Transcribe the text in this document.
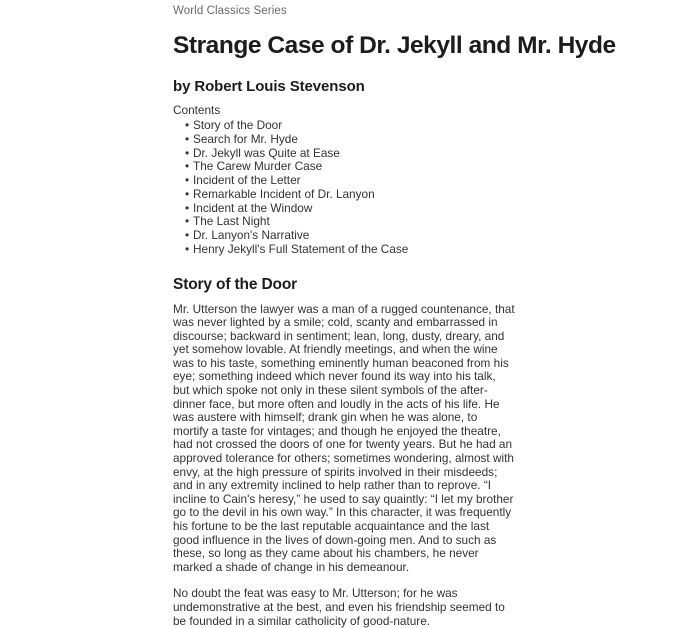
World Classics Series
Strange Case of Dr. Jekyll and Mr. Hyde
by Robert Louis Stevenson
Contents
• Story of the Door
• Search for Mr. Hyde
• Dr. Jekyll was Quite at Ease
• The Carew Murder Case
• Incident of the Letter
• Remarkable Incident of Dr. Lanyon
• Incident at the Window
• The Last Night
• Dr. Lanyon's Narrative
• Henry Jekyll's Full Statement of the Case
Story of the Door

Mr. Utterson the lawyer was a man of a rugged countenance, that was never lighted by a smile; cold, scanty and embarrassed in discourse; backward in sentiment; lean, long, dusty, dreary, and yet somehow lovable. At friendly meetings, and when the wine was to his taste, something eminently human beaconed from his eye; something indeed which never found its way into his talk, but which spoke not only in these silent symbols of the after-dinner face, but more often and loudly in the acts of his life. He was austere with himself; drank gin when he was alone, to mortify a taste for vintages; and though he enjoyed the theatre, had not crossed the doors of one for twenty years. But he had an approved tolerance for others; sometimes wondering, almost with envy, at the high pressure of spirits involved in their misdeeds; and in any extremity inclined to help rather than to reprove. “I incline to Cain's heresy,” he used to say quaintly: “I let my brother go to the devil in his own way.” In this character, it was frequently his fortune to be the last reputable acquaintance and the last good influence in the lives of down-going men. And to such as these, so long as they came about his chambers, he never marked a shade of change in his demeanour.

No doubt the feat was easy to Mr. Utterson; for he was undemonstrative at the best, and even his friendship seemed to be founded in a similar catholicity of good-nature.
